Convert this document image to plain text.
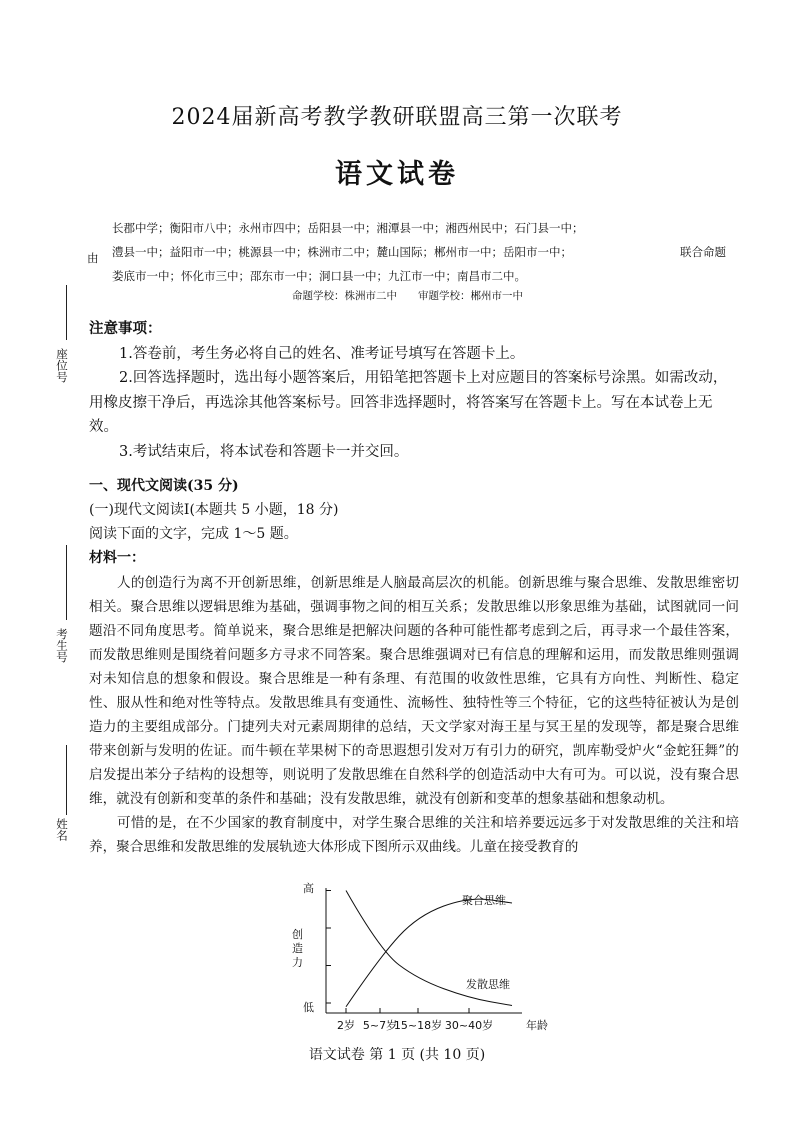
2024届新高考教学教研联盟高三第一次联考
语文试卷
长郡中学；衡阳市八中；永州市四中；岳阳县一中；湘潭县一中；湘西州民中；石门县一中；
澧县一中；益阳市一中；桃源县一中；株洲市二中；麓山国际；郴州市一中；岳阳市一中；
娄底市一中；怀化市三中；邵东市一中；洞口县一中；九江市一中；南昌市二中。
由	联合命题
命题学校：株洲市二中　　审题学校：郴州市一中
座位号
考生号
姓名
注意事项：

1.答卷前，考生务必将自己的姓名、准考证号填写在答题卡上。

2.回答选择题时，选出每小题答案后，用铅笔把答题卡上对应题目的答案标号涂黑。如需改动，用橡皮擦干净后，再选涂其他答案标号。回答非选择题时，将答案写在答题卡上。写在本试卷上无效。

3.考试结束后，将本试卷和答题卡一并交回。

一、现代文阅读(35 分)
(一)现代文阅读Ⅰ(本题共 5 小题，18 分)
阅读下面的文字，完成 1～5 题。
材料一：

人的创造行为离不开创新思维，创新思维是人脑最高层次的机能。创新思维与聚合思维、发散思维密切相关。聚合思维以逻辑思维为基础，强调事物之间的相互关系；发散思维以形象思维为基础，试图就同一问题沿不同角度思考。简单说来，聚合思维是把解决问题的各种可能性都考虑到之后，再寻求一个最佳答案，而发散思维则是围绕着问题多方寻求不同答案。聚合思维强调对已有信息的理解和运用，而发散思维则强调对未知信息的想象和假设。聚合思维是一种有条理、有范围的收敛性思维，它具有方向性、判断性、稳定性、服从性和绝对性等特点。发散思维具有变通性、流畅性、独特性等三个特征，它的这些特征被认为是创造力的主要组成部分。门捷列夫对元素周期律的总结，天文学家对海王星与冥王星的发现等，都是聚合思维带来创新与发明的佐证。而牛顿在苹果树下的奇思遐想引发对万有引力的研究，凯库勒受炉火“金蛇狂舞”的启发提出苯分子结构的设想等，则说明了发散思维在自然科学的创造活动中大有可为。可以说，没有聚合思维，就没有创新和变革的条件和基础；没有发散思维，就没有创新和变革的想象基础和想象动机。

可惜的是，在不少国家的教育制度中，对学生聚合思维的关注和培养要远远多于对发散思维的关注和培养，聚合思维和发散思维的发展轨迹大体形成下图所示双曲线。儿童在接受教育的

2岁 5~7岁
15~18岁 30~40岁
高
低
创造力
年龄
聚合思维
发散思维
语文试卷 第 1 页 (共 10 页)
